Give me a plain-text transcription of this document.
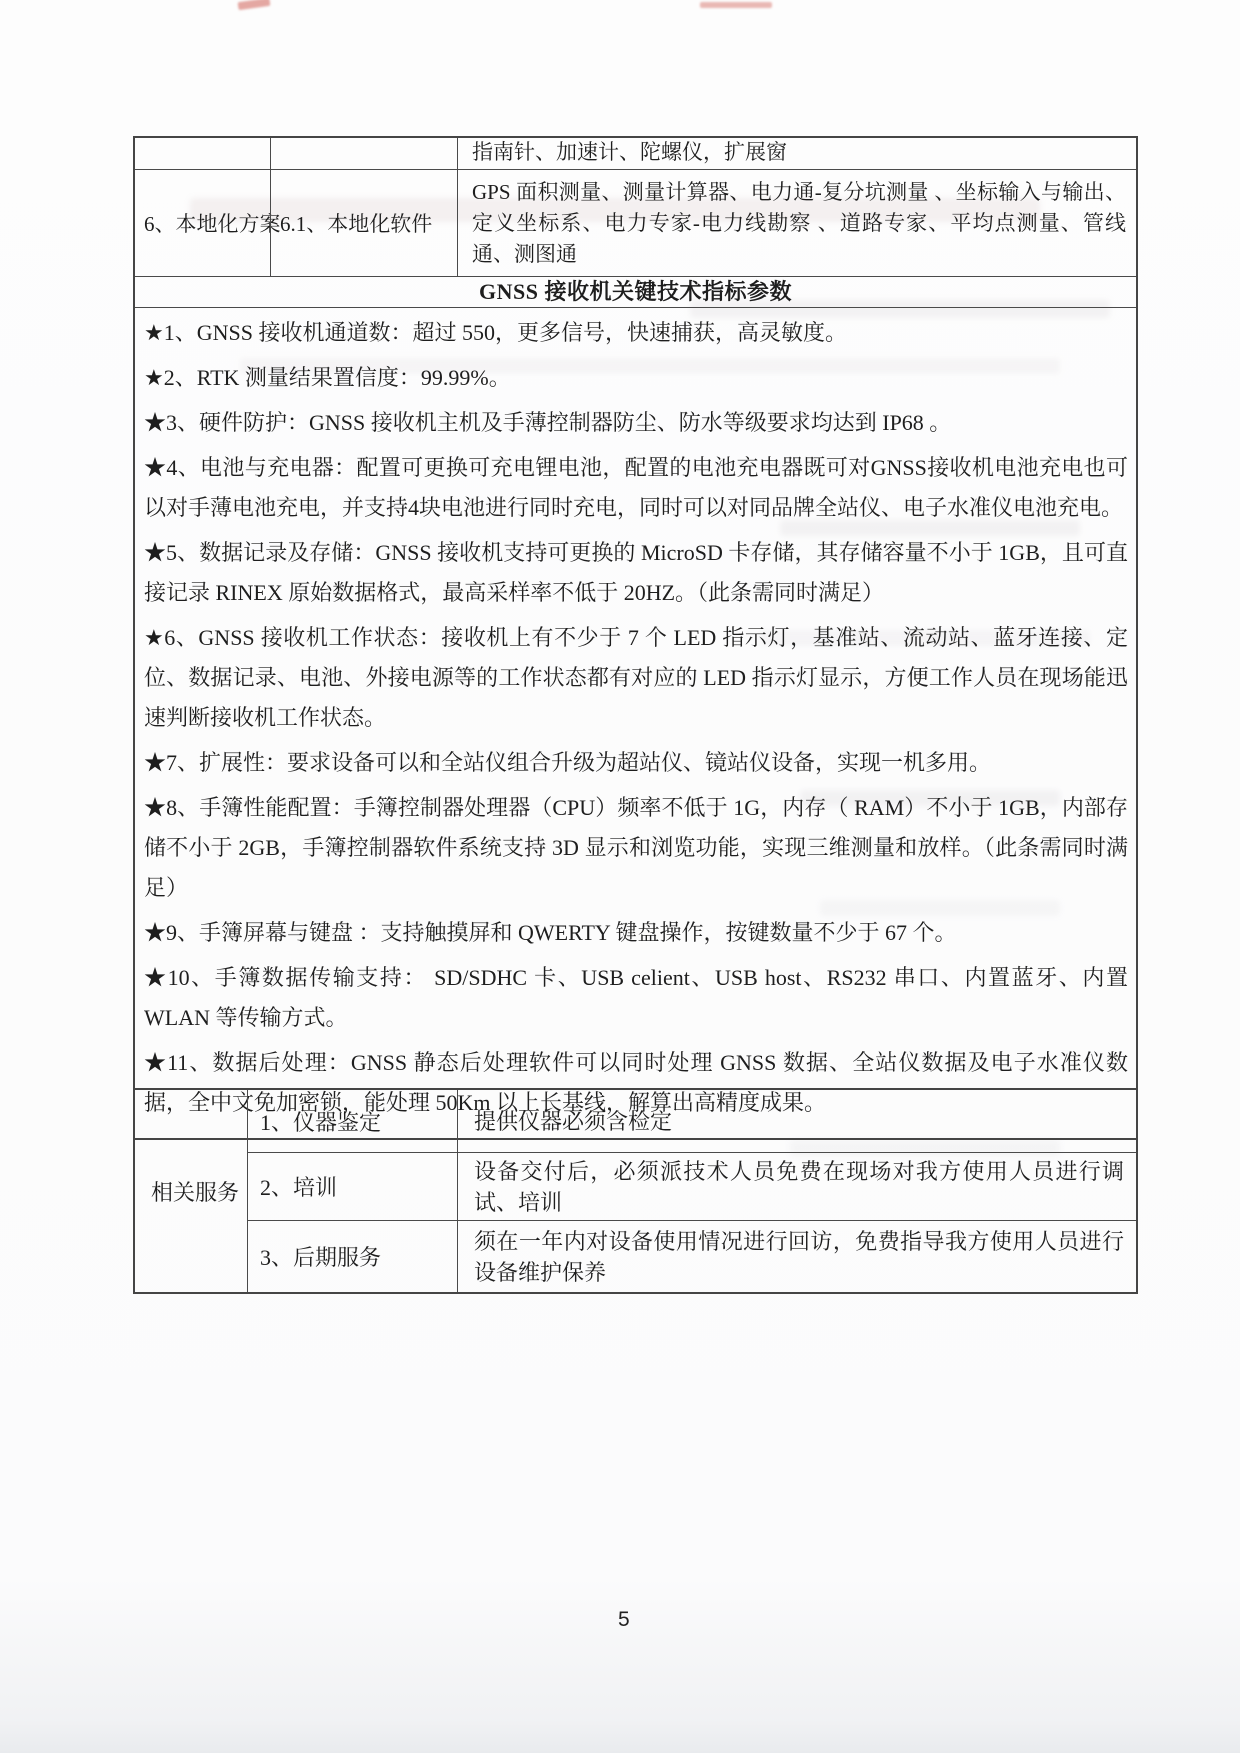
指南针、加速计、陀螺仪，扩展窗
6、本地化方案 6.1、本地化软件
GPS 面积测量、测量计算器、电力通-复分坑测量 、坐标输入与输出、定义坐标系、电力专家-电力线勘察 、道路专家、平均点测量、管线通、测图通
GNSS 接收机关键技术指标参数

★1、GNSS 接收机通道数：超过 550，更多信号，快速捕获，高灵敏度。

★2、RTK 测量结果置信度：99.99%。

★3、硬件防护：GNSS 接收机主机及手薄控制器防尘、防水等级要求均达到 IP68 。

★4、电池与充电器：配置可更换可充电锂电池，配置的电池充电器既可对GNSS接收机电池充电也可以对手薄电池充电，并支持4块电池进行同时充电，同时可以对同品牌全站仪、电子水准仪电池充电。

★5、数据记录及存储：GNSS 接收机支持可更换的 MicroSD 卡存储，其存储容量不小于 1GB，且可直接记录 RINEX 原始数据格式，最高采样率不低于 20HZ。（此条需同时满足）

★6、GNSS 接收机工作状态：接收机上有不少于 7 个 LED 指示灯，基准站、流动站、蓝牙连接、定位、数据记录、电池、外接电源等的工作状态都有对应的 LED 指示灯显示，方便工作人员在现场能迅速判断接收机工作状态。

★7、扩展性：要求设备可以和全站仪组合升级为超站仪、镜站仪设备，实现一机多用。

★8、手簿性能配置：手簿控制器处理器（CPU）频率不低于 1G，内存（ RAM）不小于 1GB，内部存储不小于 2GB，手簿控制器软件系统支持 3D 显示和浏览功能，实现三维测量和放样。（此条需同时满足）

★9、手簿屏幕与键盘 ：支持触摸屏和 QWERTY 键盘操作，按键数量不少于 67 个。

★10、手簿数据传输支持： SD/SDHC 卡、USB celient、USB host、RS232 串口、内置蓝牙、内置 WLAN 等传输方式。

★11、数据后处理：GNSS 静态后处理软件可以同时处理 GNSS 数据、全站仪数据及电子水准仪数据，全中文免加密锁，能处理 50Km 以上长基线，解算出高精度成果。

相关服务
1、仪器鉴定	提供仪器必须含检定
2、培训
设备交付后，必须派技术人员免费在现场对我方使用人员进行调试、培训
3、后期服务
须在一年内对设备使用情况进行回访，免费指导我方使用人员进行设备维护保养
5
